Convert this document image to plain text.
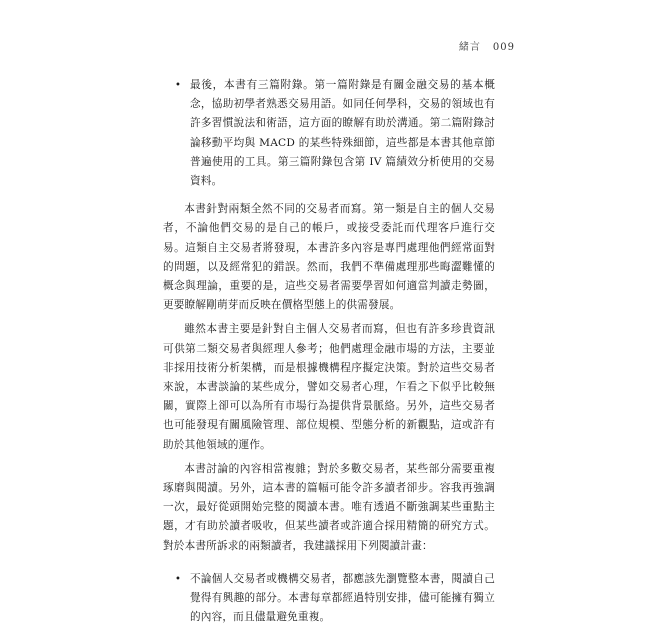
緒言 009
• 最後，本書有三篇附錄。第一篇附錄是有關金融交易的基本概念，協助初學者熟悉交易用語。如同任何學科，交易的領域也有許多習慣說法和術語，這方面的瞭解有助於溝通。第二篇附錄討論移動平均與 MACD 的某些特殊細節，這些都是本書其他章節普遍使用的工具。第三篇附錄包含第 IV 篇績效分析使用的交易資料。

本書針對兩類全然不同的交易者而寫。第一類是自主的個人交易者，不論他們交易的是自己的帳戶，或接受委託而代理客戶進行交易。這類自主交易者將發現，本書許多內容是專門處理他們經常面對的問題，以及經常犯的錯誤。然而，我們不準備處理那些晦澀難懂的概念與理論，重要的是，這些交易者需要學習如何適當判讀走勢圖，更要瞭解剛萌芽而反映在價格型態上的供需發展。

雖然本書主要是針對自主個人交易者而寫，但也有許多珍貴資訊可供第二類交易者與經理人參考；他們處理金融市場的方法，主要並非採用技術分析架構，而是根據機構程序擬定決策。對於這些交易者來說，本書談論的某些成分，譬如交易者心理，乍看之下似乎比較無關，實際上卻可以為所有市場行為提供背景脈絡。另外，這些交易者也可能發現有關風險管理、部位規模、型態分析的新觀點，這或許有助於其他領域的運作。

本書討論的內容相當複雜；對於多數交易者，某些部分需要重複琢磨與閱讀。另外，這本書的篇幅可能令許多讀者卻步。容我再強調一次，最好從頭開始完整的閱讀本書。唯有透過不斷強調某些重點主題，才有助於讀者吸收，但某些讀者或許適合採用精簡的研究方式。對於本書所訴求的兩類讀者，我建議採用下列閱讀計畫：

• 不論個人交易者或機構交易者，都應該先瀏覽整本書，閱讀自己覺得有興趣的部分。本書每章都經過特別安排，儘可能擁有獨立的內容，而且儘量避免重複。
